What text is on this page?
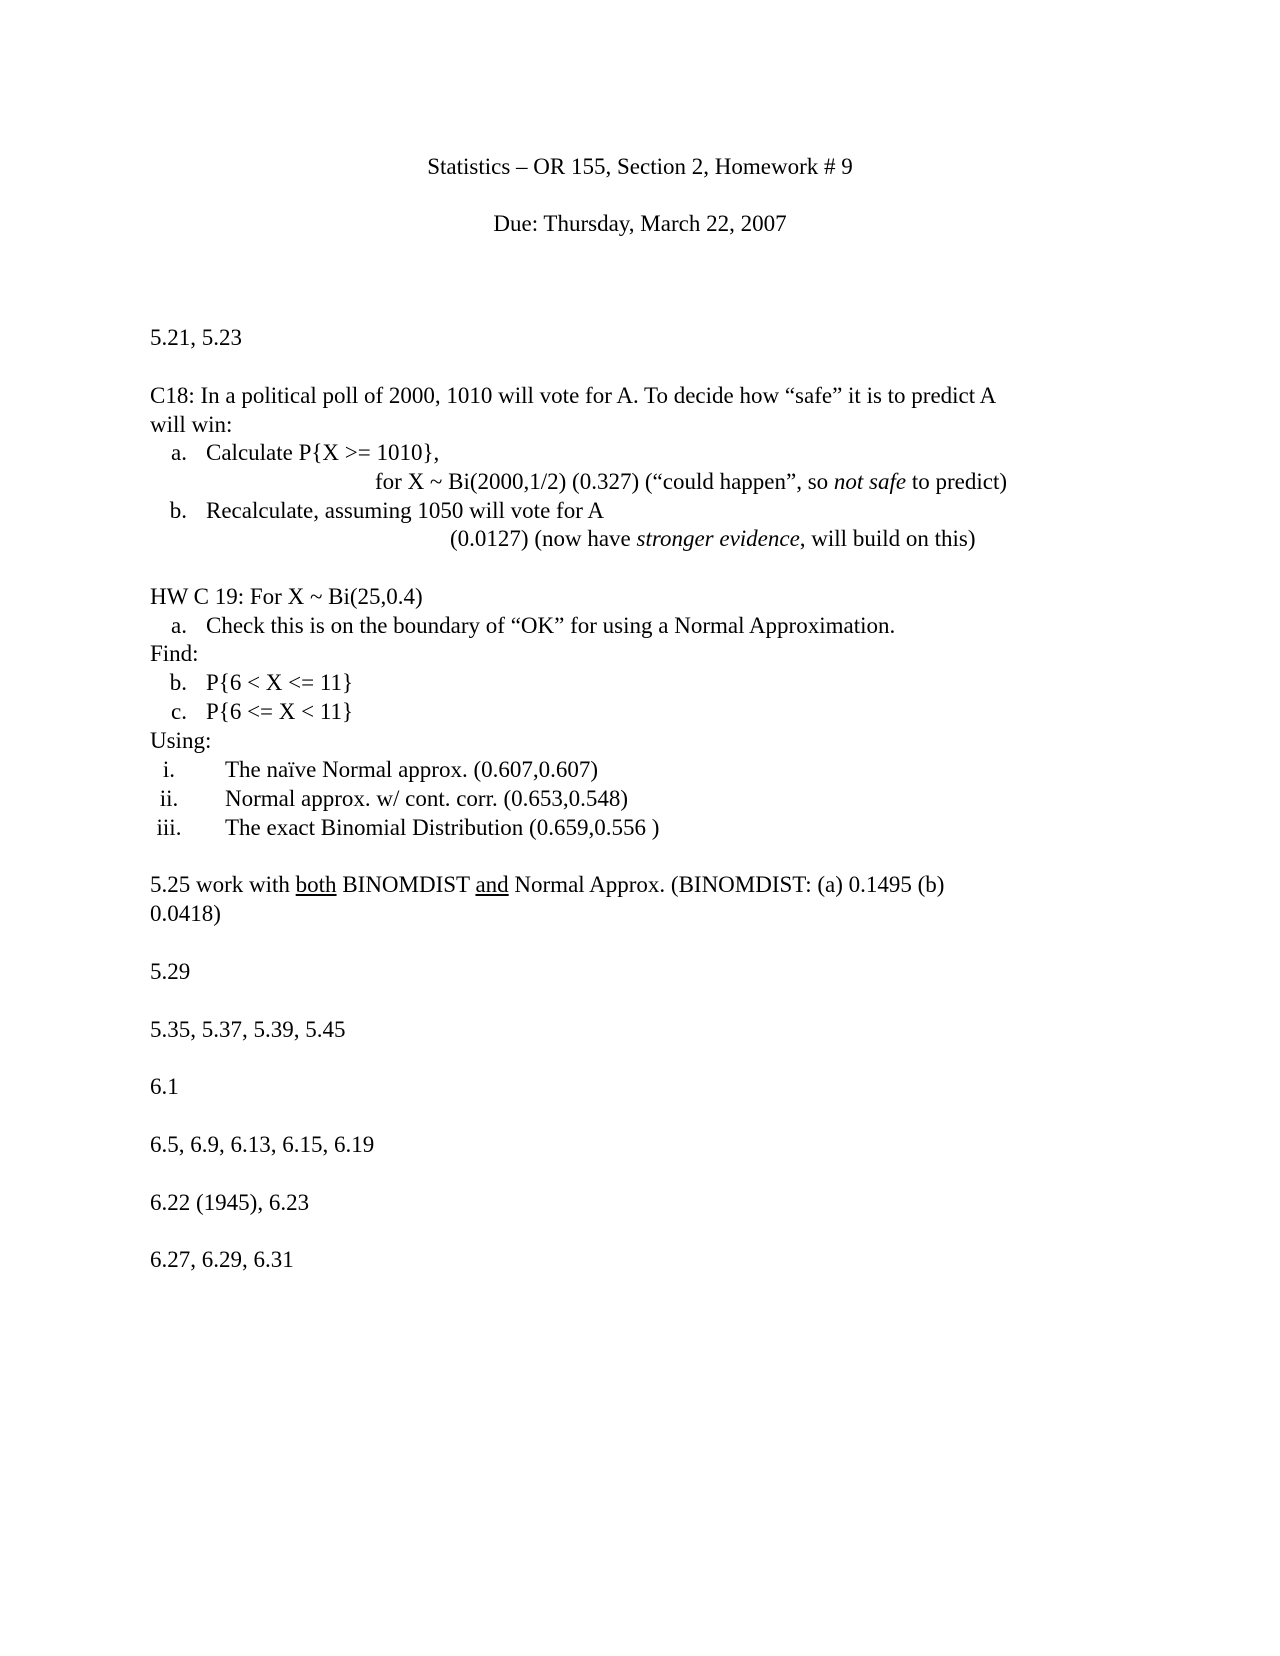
Statistics – OR 155, Section 2, Homework # 9
Due: Thursday, March 22, 2007
5.21, 5.23
C18: In a political poll of 2000, 1010 will vote for A. To decide how “safe” it is to predict A
will win:
a. Calculate P{X >= 1010},
for X ~ Bi(2000,1/2) (0.327) (“could happen”, so not safe to predict)
b. Recalculate, assuming 1050 will vote for A
(0.0127) (now have stronger evidence, will build on this)
HW C 19: For X ~ Bi(25,0.4)
a. Check this is on the boundary of “OK” for using a Normal Approximation.
Find:
b. P{6 < X <= 11}
c. P{6 <= X < 11}
Using:
i. The naïve Normal approx. (0.607,0.607)
ii. Normal approx. w/ cont. corr. (0.653,0.548)
iii. The exact Binomial Distribution (0.659,0.556 )
5.25 work with both BINOMDIST and Normal Approx. (BINOMDIST: (a) 0.1495 (b)
0.0418)
5.29
5.35, 5.37, 5.39, 5.45
6.1
6.5, 6.9, 6.13, 6.15, 6.19
6.22 (1945), 6.23
6.27, 6.29, 6.31
